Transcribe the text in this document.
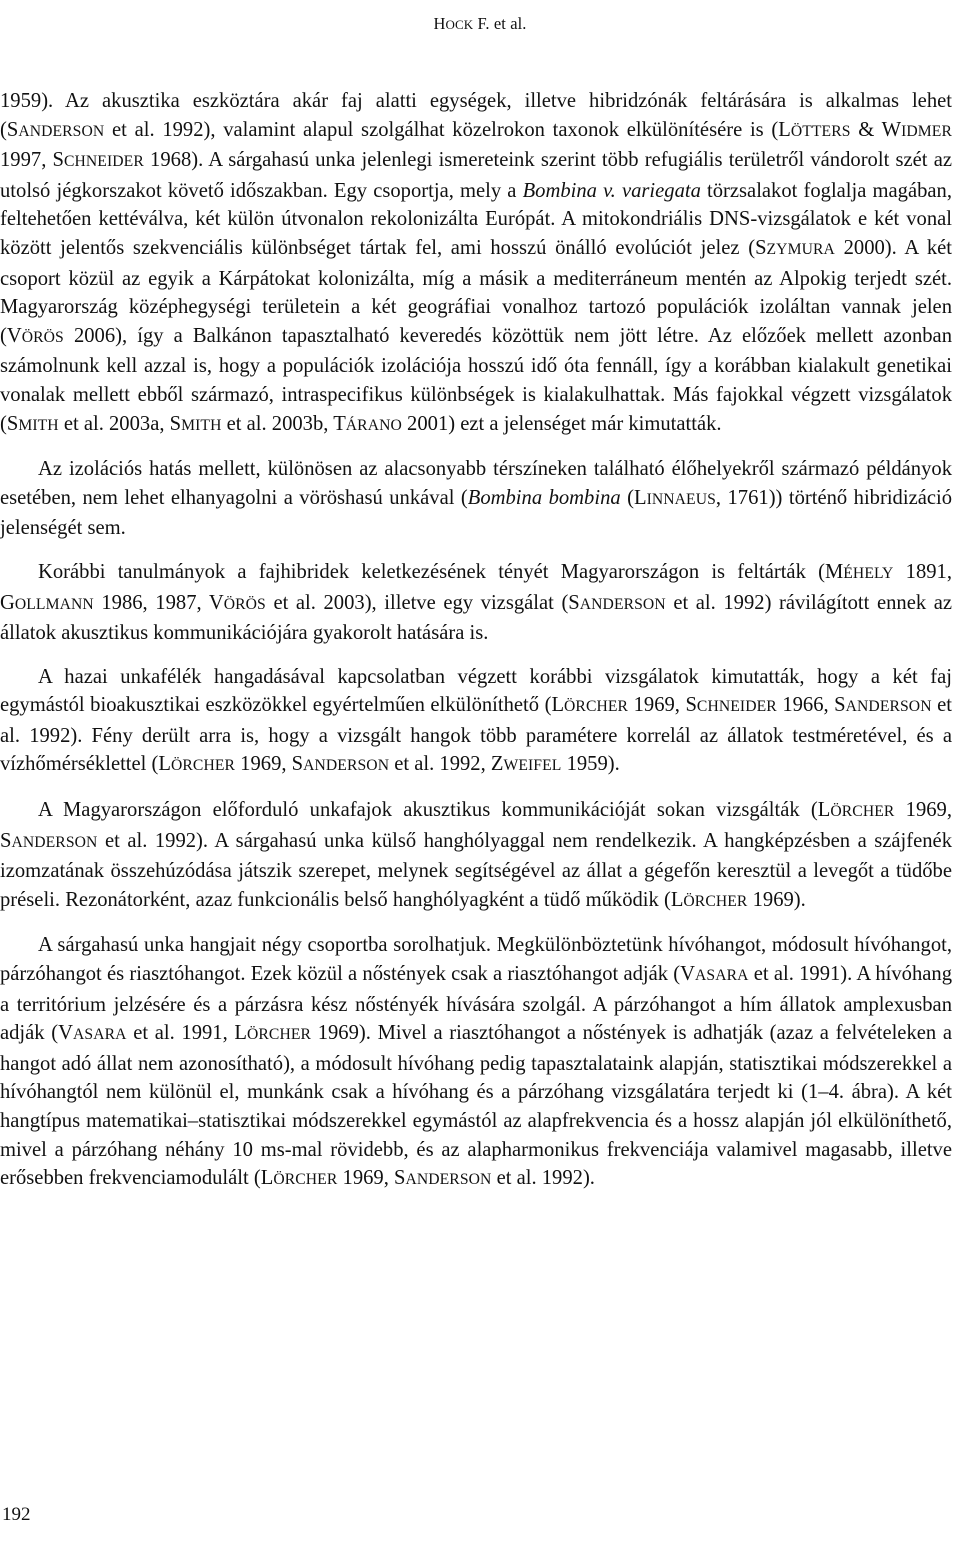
HOCK F. et al.

1959). Az akusztika eszköztára akár faj alatti egységek, illetve hibridzónák feltárására is alkalmas lehet (SANDERSON et al. 1992), valamint alapul szolgálhat közelrokon taxonok elkülönítésére is (LÖTTERS & WIDMER 1997, SCHNEIDER 1968). A sárgahasú unka jelenlegi ismereteink szerint több refugiális területről vándorolt szét az utolsó jégkorszakot követő időszakban. Egy csoportja, mely a Bombina v. variegata törzsalakot foglalja magában, feltehetően kettéválva, két külön útvonalon rekolonizálta Európát. A mitokondriális DNS-vizsgálatok e két vonal között jelentős szekvenciális különbséget tártak fel, ami hosszú önálló evolúciót jelez (SZYMURA 2000). A két csoport közül az egyik a Kárpátokat kolonizálta, míg a másik a mediterráneum mentén az Alpokig terjedt szét. Magyarország középhegységi területein a két geográfiai vonalhoz tartozó populációk izoláltan vannak jelen (VÖRÖS 2006), így a Balkánon tapasztalható keveredés közöttük nem jött létre. Az előzőek mellett azonban számolnunk kell azzal is, hogy a populációk izolációja hosszú idő óta fennáll, így a korábban kialakult genetikai vonalak mellett ebből származó, intraspecifikus különbségek is kialakulhattak. Más fajokkal végzett vizsgálatok (SMITH et al. 2003a, SMITH et al. 2003b, TÁRANO 2001) ezt a jelenséget már kimutatták.

Az izolációs hatás mellett, különösen az alacsonyabb térszíneken található élőhelyekről származó példányok esetében, nem lehet elhanyagolni a vöröshasú unkával (Bombina bombina (LINNAEUS, 1761)) történő hibridizáció jelenségét sem.

Korábbi tanulmányok a fajhibridek keletkezésének tényét Magyarországon is feltárták (MÉHELY 1891, GOLLMANN 1986, 1987, VÖRÖS et al. 2003), illetve egy vizsgálat (SANDERSON et al. 1992) rávilágított ennek az állatok akusztikus kommunikációjára gyakorolt hatására is.

A hazai unkafélék hangadásával kapcsolatban végzett korábbi vizsgálatok kimutatták, hogy a két faj egymástól bioakusztikai eszközökkel egyértelműen elkülöníthető (LÖRCHER 1969, SCHNEIDER 1966, SANDERSON et al. 1992). Fény derült arra is, hogy a vizsgált hangok több paramétere korrelál az állatok testméretével, és a vízhőmérséklettel (LÖRCHER 1969, SANDERSON et al. 1992, ZWEIFEL 1959).

A Magyarországon előforduló unkafajok akusztikus kommunikációját sokan vizsgálták (LÖRCHER 1969, SANDERSON et al. 1992). A sárgahasú unka külső hanghólyaggal nem rendelkezik. A hangképzésben a szájfenék izomzatának összehúzódása játszik szerepet, melynek segítségével az állat a gégefőn keresztül a levegőt a tüdőbe préseli. Rezonátorként, azaz funkcionális belső hanghólyagként a tüdő működik (LÖRCHER 1969).

A sárgahasú unka hangjait négy csoportba sorolhatjuk. Megkülönböztetünk hívóhangot, módosult hívóhangot, párzóhangot és riasztóhangot. Ezek közül a nőstények csak a riasztóhangot adják (VASARA et al. 1991). A hívóhang a territórium jelzésére és a párzásra kész nőstényék hívására szolgál. A párzóhangot a hím állatok amplexusban adják (VASARA et al. 1991, LÖRCHER 1969). Mivel a riasztóhangot a nőstények is adhatják (azaz a felvételeken a hangot adó állat nem azonosítható), a módosult hívóhang pedig tapasztalataink alapján, statisztikai módszerekkel a hívóhangtól nem különül el, munkánk csak a hívóhang és a párzóhang vizsgálatára terjedt ki (1–4. ábra). A két hangtípus matematikai–statisztikai módszerekkel egymástól az alapfrekvencia és a hossz alapján jól elkülöníthető, mivel a párzóhang néhány 10 ms-mal rövidebb, és az alapharmonikus frekvenciája valamivel magasabb, illetve erősebben frekvenciamodulált (LÖRCHER 1969, SANDERSON et al. 1992).

192
